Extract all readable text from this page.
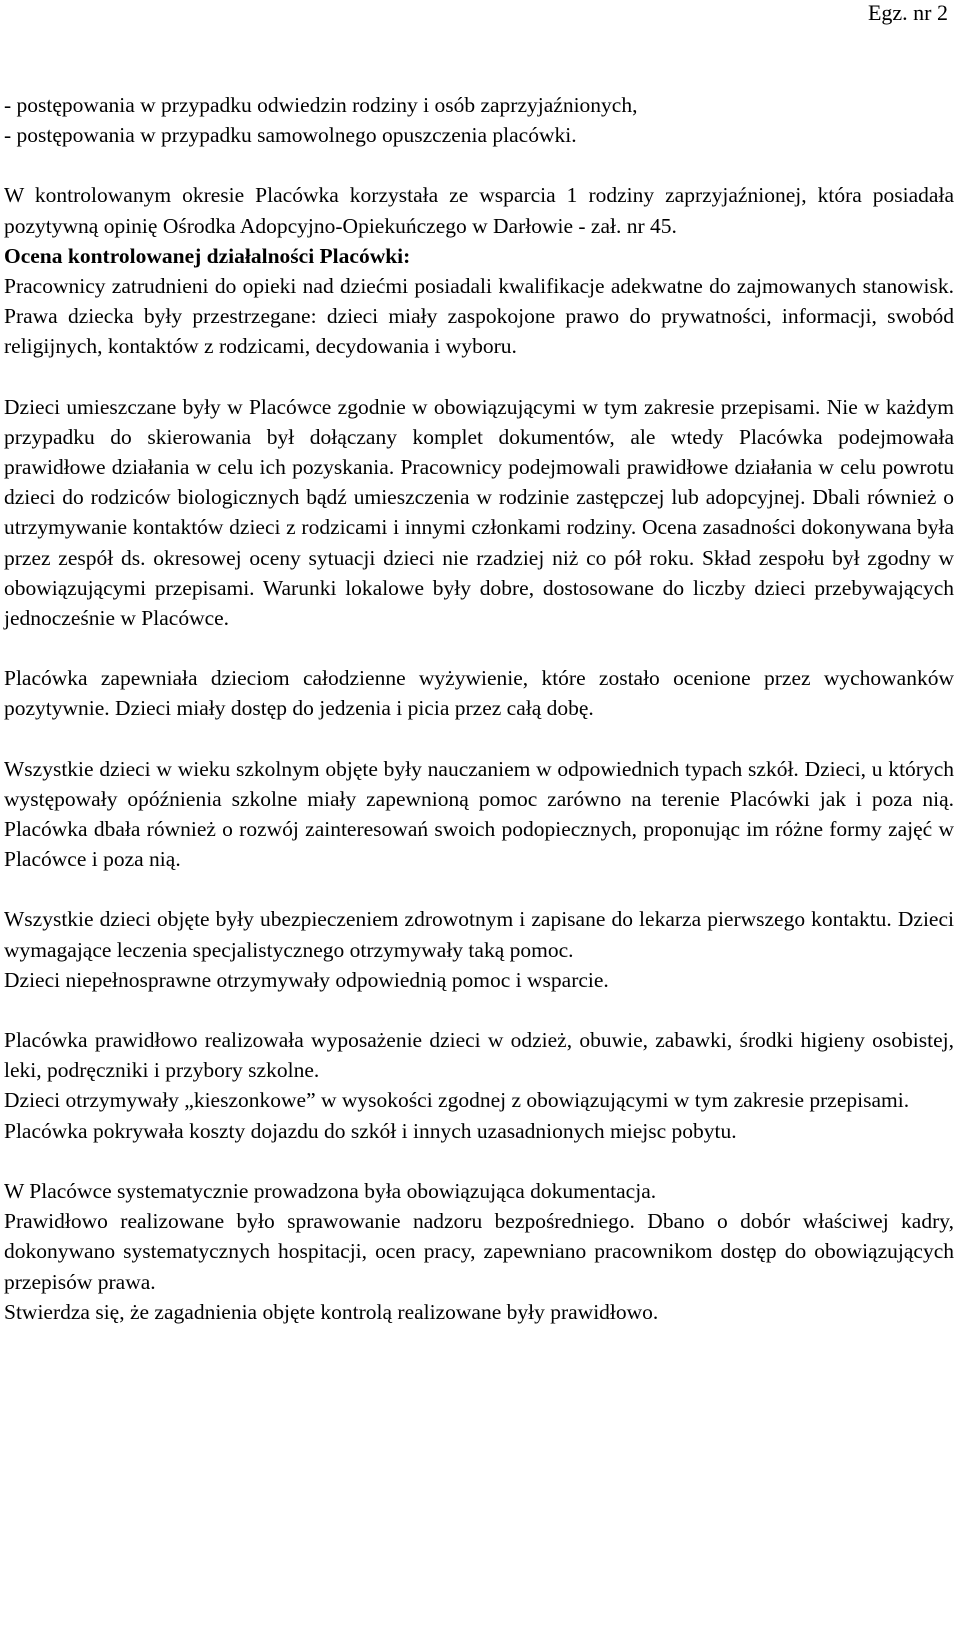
Egz. nr 2

- postępowania w przypadku odwiedzin rodziny i osób zaprzyjaźnionych,

- postępowania w przypadku samowolnego opuszczenia placówki.

W kontrolowanym okresie Placówka korzystała ze wsparcia 1 rodziny zaprzyjaźnionej, która posiadała pozytywną opinię Ośrodka Adopcyjno-Opiekuńczego w Darłowie - zał. nr 45.

Ocena kontrolowanej działalności Placówki:

Pracownicy zatrudnieni do opieki nad dziećmi posiadali kwalifikacje adekwatne do zajmowanych stanowisk. Prawa dziecka były przestrzegane: dzieci miały zaspokojone prawo do prywatności, informacji, swobód religijnych, kontaktów z rodzicami, decydowania i wyboru.

Dzieci umieszczane były w Placówce zgodnie w obowiązującymi w tym zakresie przepisami. Nie w każdym przypadku do skierowania był dołączany komplet dokumentów, ale wtedy Placówka podejmowała prawidłowe działania w celu ich pozyskania. Pracownicy podejmowali prawidłowe działania w celu powrotu dzieci do rodziców biologicznych bądź umieszczenia w rodzinie zastępczej lub adopcyjnej. Dbali również o utrzymywanie kontaktów dzieci z rodzicami i innymi członkami rodziny. Ocena zasadności dokonywana była przez zespół ds. okresowej oceny sytuacji dzieci nie rzadziej niż co pół roku. Skład zespołu był zgodny w obowiązującymi przepisami. Warunki lokalowe były dobre, dostosowane do liczby dzieci przebywających jednocześnie w Placówce.

Placówka zapewniała dzieciom całodzienne wyżywienie, które zostało ocenione przez wychowanków pozytywnie. Dzieci miały dostęp do jedzenia i picia przez całą dobę.

Wszystkie dzieci w wieku szkolnym objęte były nauczaniem w odpowiednich typach szkół. Dzieci, u których występowały opóźnienia szkolne miały zapewnioną pomoc zarówno na terenie Placówki jak i poza nią. Placówka dbała również o rozwój zainteresowań swoich podopiecznych, proponując im różne formy zajęć w Placówce i poza nią.

Wszystkie dzieci objęte były ubezpieczeniem zdrowotnym i zapisane do lekarza pierwszego kontaktu. Dzieci wymagające leczenia specjalistycznego otrzymywały taką pomoc.

Dzieci niepełnosprawne otrzymywały odpowiednią pomoc i wsparcie.

Placówka prawidłowo realizowała wyposażenie dzieci w odzież, obuwie, zabawki, środki higieny osobistej, leki, podręczniki i przybory szkolne.

Dzieci otrzymywały „kieszonkowe” w wysokości zgodnej z obowiązującymi w tym zakresie przepisami.

Placówka pokrywała koszty dojazdu do szkół i innych uzasadnionych miejsc pobytu.

W Placówce systematycznie prowadzona była obowiązująca dokumentacja.

Prawidłowo realizowane było sprawowanie nadzoru bezpośredniego. Dbano o dobór właściwej kadry, dokonywano systematycznych hospitacji, ocen pracy, zapewniano pracownikom dostęp do obowiązujących przepisów prawa.

Stwierdza się, że zagadnienia objęte kontrolą realizowane były prawidłowo.
